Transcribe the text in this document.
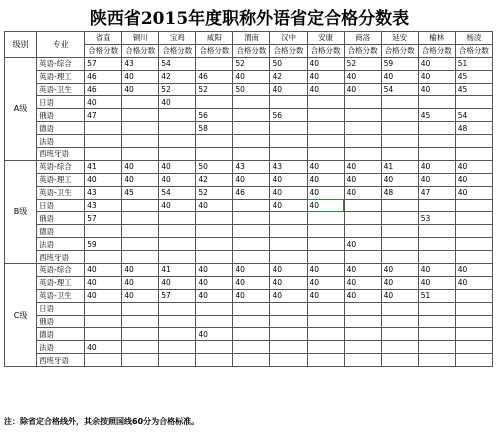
陕西省2015年度职称外语省定合格分数表
级别	专业	省直	铜川	宝鸡	咸阳	渭南	汉中	安康	商洛	延安	榆林	杨凌
		合格分数	合格分数	合格分数	合格分数	合格分数	合格分数	合格分数	合格分数	合格分数	合格分数	合格分数
A级	英语-综合	57	43	54		52	50	40	52	59	40	51
	英语-理工	46	40	42	46	40	42	40	40	40	40	45
	英语-卫生	46	40	52	52	50	40	40	40	54	40	45
	日语	40		40								
	俄语	47			56		56				45	54
	德语				58							48
	法语											
	西班牙语											
B级	英语-综合	41	40	40	50	43	43	40	40	41	40	40
	英语-理工	40	40	40	42	40	40	40	40	40	40	40
	英语-卫生	43	45	54	52	46	40	40	40	48	47	40
	日语	43		40	40		40	40				
	俄语	57									53	
	德语											
	法语	59							40			
	西班牙语											
C级	英语-综合	40	40	41	40	40	40	40	40	40	40	40
	英语-理工	40	40	40	40	40	40	40	40	40	40	40
	英语-卫生	40	40	57	40	40	40	40	40	40	51	
	日语											
	俄语											
	德语				40							
	法语	40										
	西班牙语											
注：除省定合格线外，其余按照国线60分为合格标准。
